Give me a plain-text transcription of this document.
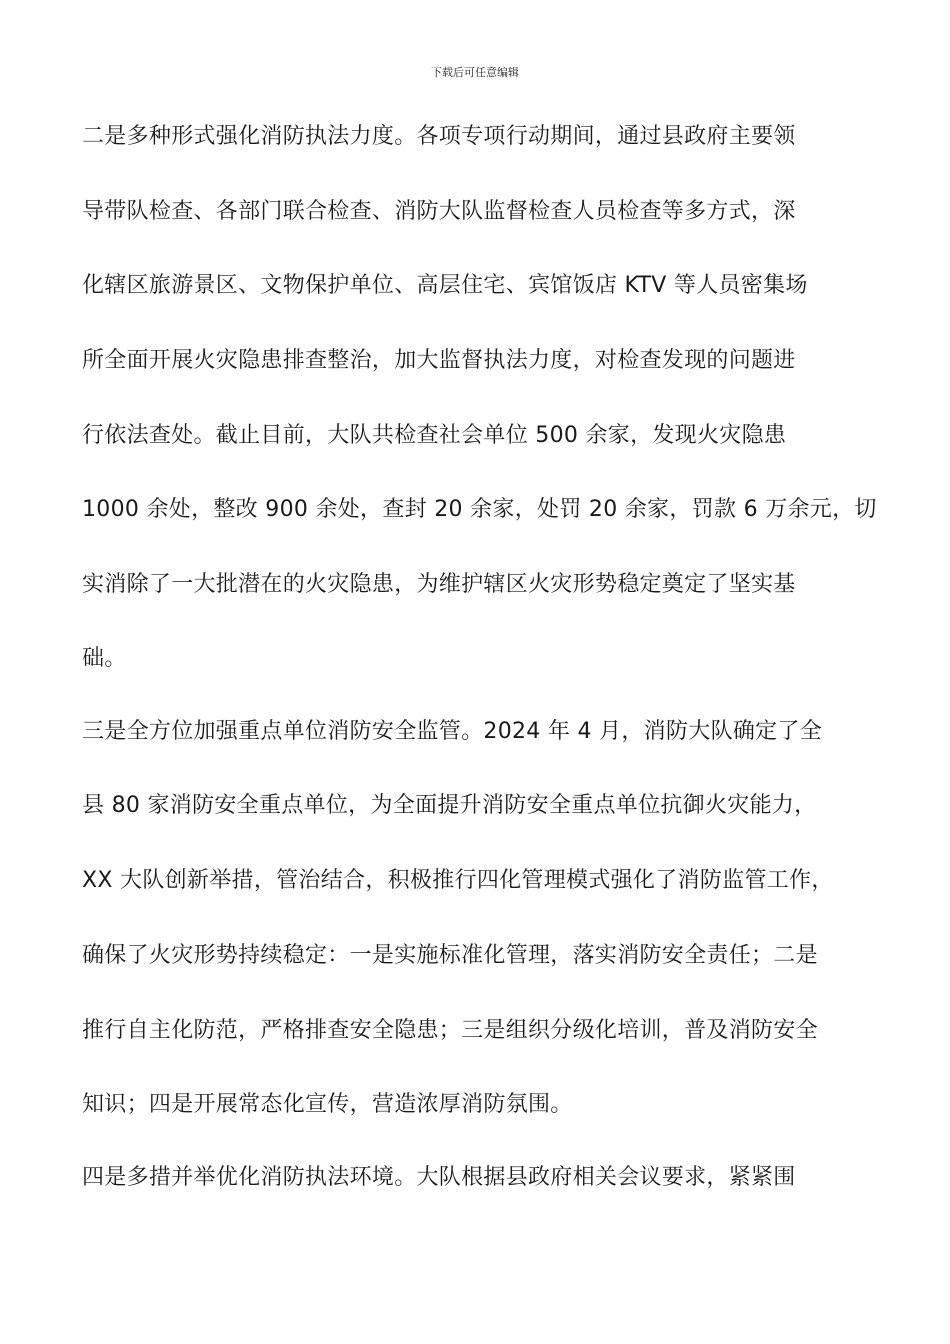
下载后可任意编辑
二是多种形式强化消防执法力度。各项专项行动期间，通过县政府主要领
导带队检查、各部门联合检查、消防大队监督检查人员检查等多方式，深
化辖区旅游景区、文物保护单位、高层住宅、宾馆饭店 KTV 等人员密集场
所全面开展火灾隐患排查整治，加大监督执法力度，对检查发现的问题进
行依法查处。截止目前，大队共检查社会单位 500 余家，发现火灾隐患
1000 余处，整改 900 余处，查封 20 余家，处罚 20 余家，罚款 6 万余元，切
实消除了一大批潜在的火灾隐患，为维护辖区火灾形势稳定奠定了坚实基
础。
三是全方位加强重点单位消防安全监管。2024 年 4 月，消防大队确定了全
县 80 家消防安全重点单位，为全面提升消防安全重点单位抗御火灾能力，
XX 大队创新举措，管治结合，积极推行四化管理模式强化了消防监管工作，
确保了火灾形势持续稳定：一是实施标准化管理，落实消防安全责任；二是
推行自主化防范，严格排查安全隐患；三是组织分级化培训，普及消防安全
知识；四是开展常态化宣传，营造浓厚消防氛围。
四是多措并举优化消防执法环境。大队根据县政府相关会议要求，紧紧围
